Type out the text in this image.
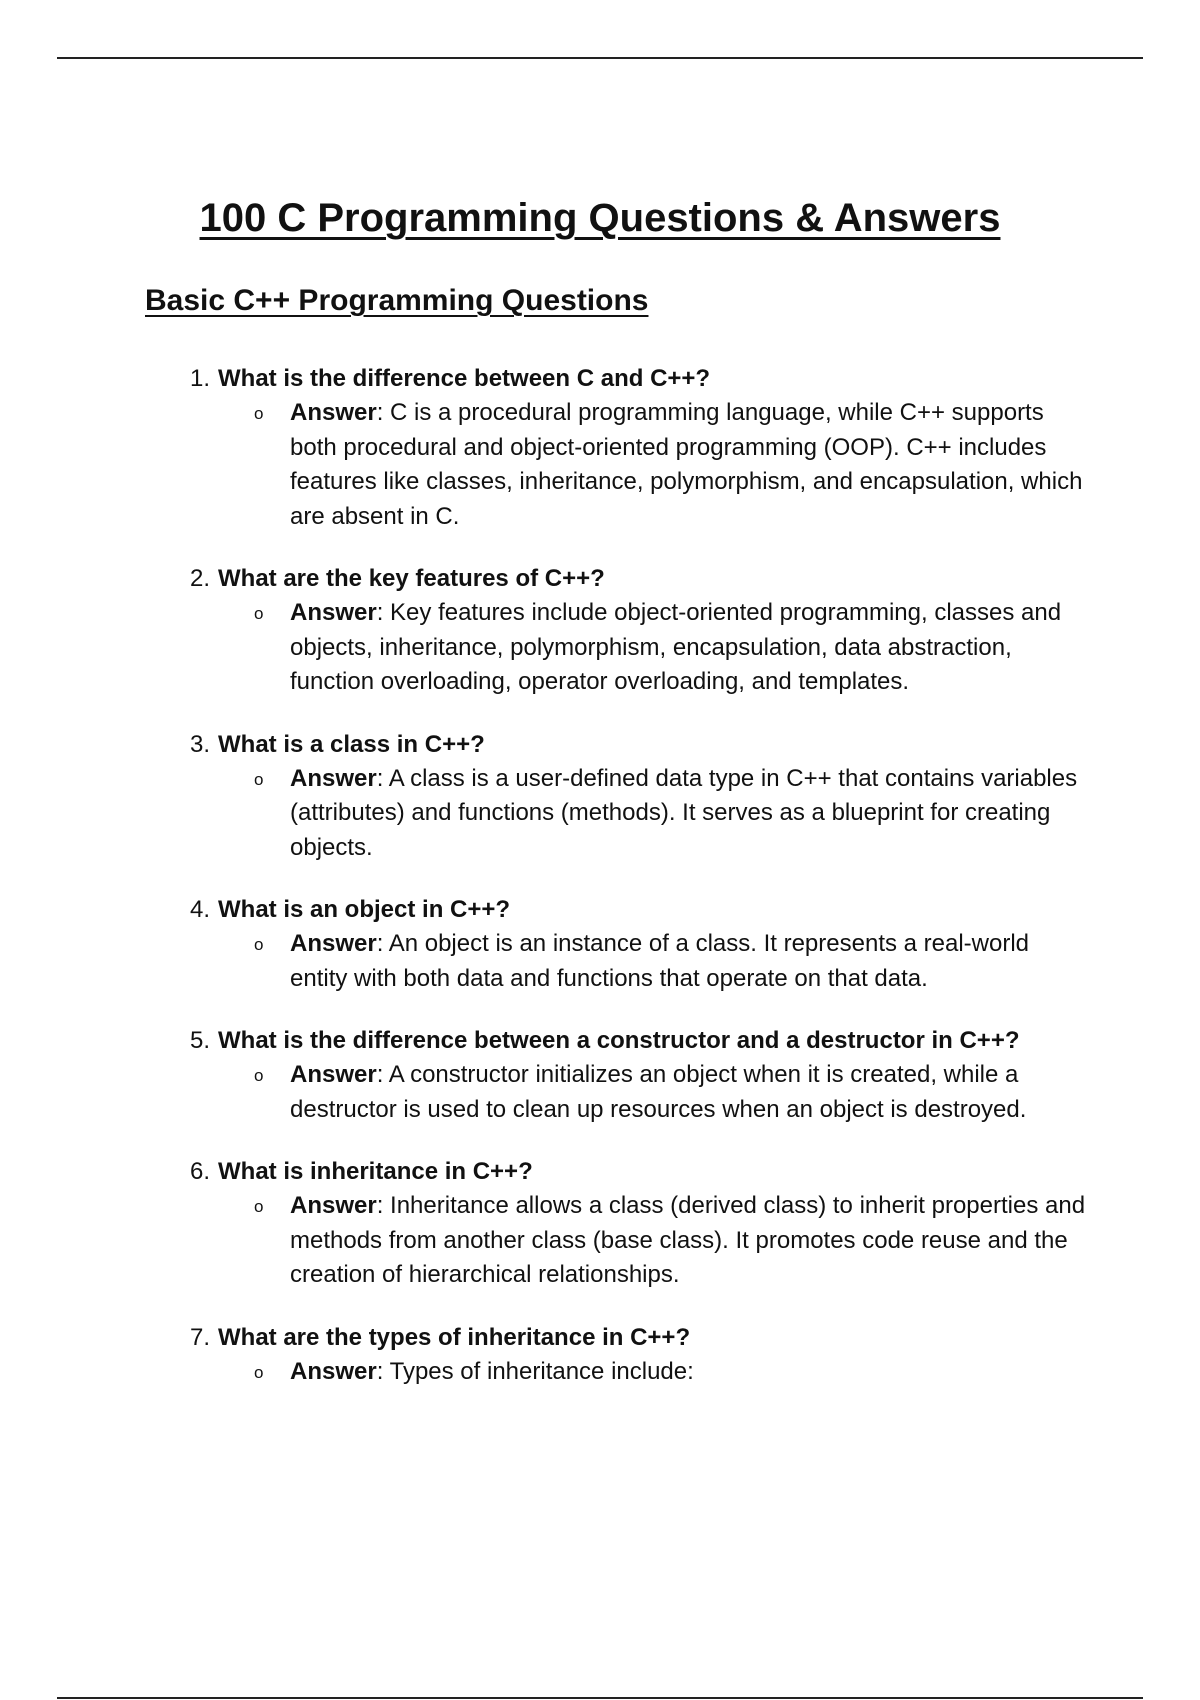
100 C Programming Questions & Answers
Basic C++ Programming Questions
1. What is the difference between C and C++?
o Answer: C is a procedural programming language, while C++ supports both procedural and object-oriented programming (OOP). C++ includes features like classes, inheritance, polymorphism, and encapsulation, which are absent in C.
2. What are the key features of C++?
o Answer: Key features include object-oriented programming, classes and objects, inheritance, polymorphism, encapsulation, data abstraction, function overloading, operator overloading, and templates.
3. What is a class in C++?
o Answer: A class is a user-defined data type in C++ that contains variables (attributes) and functions (methods). It serves as a blueprint for creating objects.
4. What is an object in C++?
o Answer: An object is an instance of a class. It represents a real-world entity with both data and functions that operate on that data.
5. What is the difference between a constructor and a destructor in C++?
o Answer: A constructor initializes an object when it is created, while a destructor is used to clean up resources when an object is destroyed.
6. What is inheritance in C++?
o Answer: Inheritance allows a class (derived class) to inherit properties and methods from another class (base class). It promotes code reuse and the creation of hierarchical relationships.
7. What are the types of inheritance in C++?
o Answer: Types of inheritance include:
